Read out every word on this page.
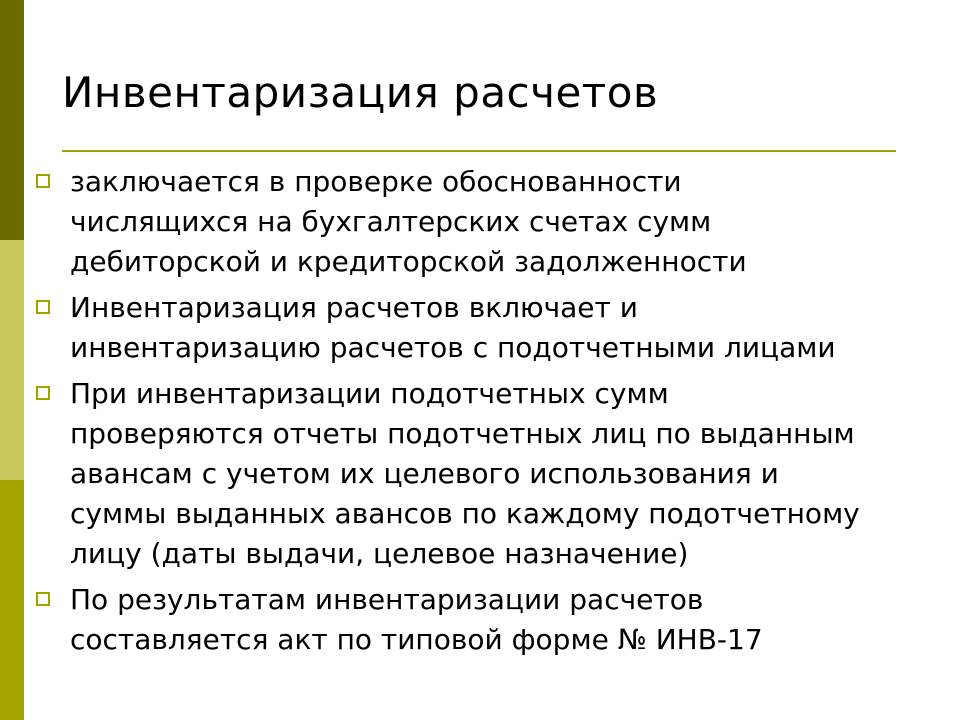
Инвентаризация расчетов
заключается в проверке обоснованности
числящихся на бухгалтерских счетах сумм
дебиторской и кредиторской задолженности
Инвентаризация расчетов включает и
инвентаризацию расчетов с подотчетными лицами
При инвентаризации подотчетных сумм
проверяются отчеты подотчетных лиц по выданным
авансам с учетом их целевого использования и
суммы выданных авансов по каждому подотчетному
лицу (даты выдачи, целевое назначение)
По результатам инвентаризации расчетов
составляется акт по типовой форме № ИНВ-17
